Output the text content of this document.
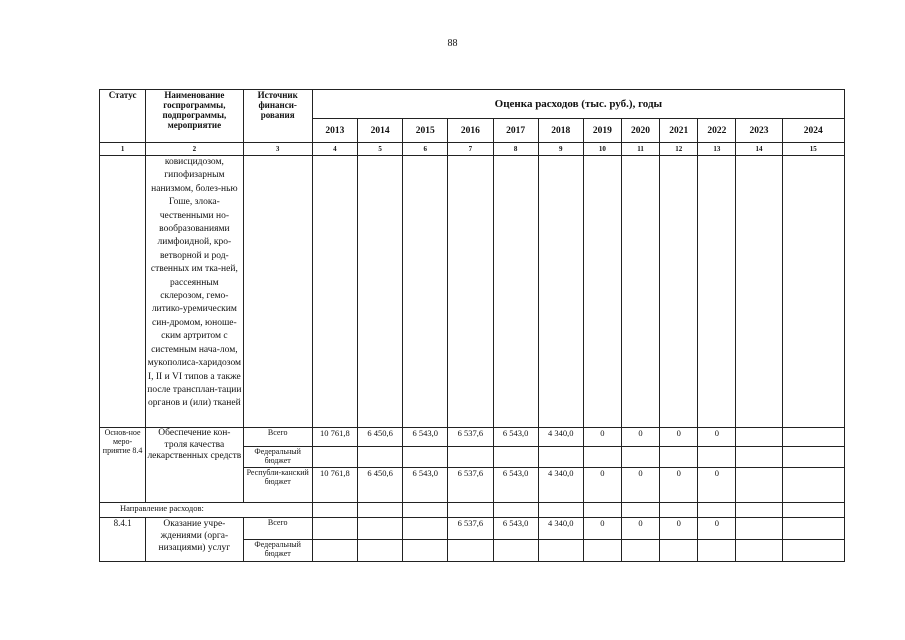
88
Статус	Наименование госпрограммы, подпрограммы, мероприятие	Источник финанси-рования	Оценка расходов (тыс. руб.), годы											
			2013	2014	2015	2016	2017	2018	2019	2020	2021	2022	2023	2024
1	2	3	4	5	6	7	8	9	10	11	12	13	14	15
	ковисцидозом, гипофизарным нанизмом, болез-нью Гоше, злока-чественными но-вообразованиями лимфоидной, кро-ветворной и род-ственных им тка-ней, рассеянным склерозом, гемо-литико-уремическим син-дромом, юноше-ским артритом с системным нача-лом, мукополиса-харидозом I, II и VI типов а также после трансплан-тации органов и (или) тканей													
Основ-ное меро-приятие 8.4	Обеспечение кон-троля качества лекарственных средств	Всего	10 761,8	6 450,6	6 543,0	6 537,6	6 543,0	4 340,0	0	0	0	0		
		Федеральный бюджет												
		Республи-канский бюджет	10 761,8	6 450,6	6 543,0	6 537,6	6 543,0	4 340,0	0	0	0	0		
Направление расходов:														
8.4.1	Оказание учре-ждениями (орга-низациями) услуг	Всего				6 537,6	6 543,0	4 340,0	0	0	0	0		
		Федеральный бюджет												
